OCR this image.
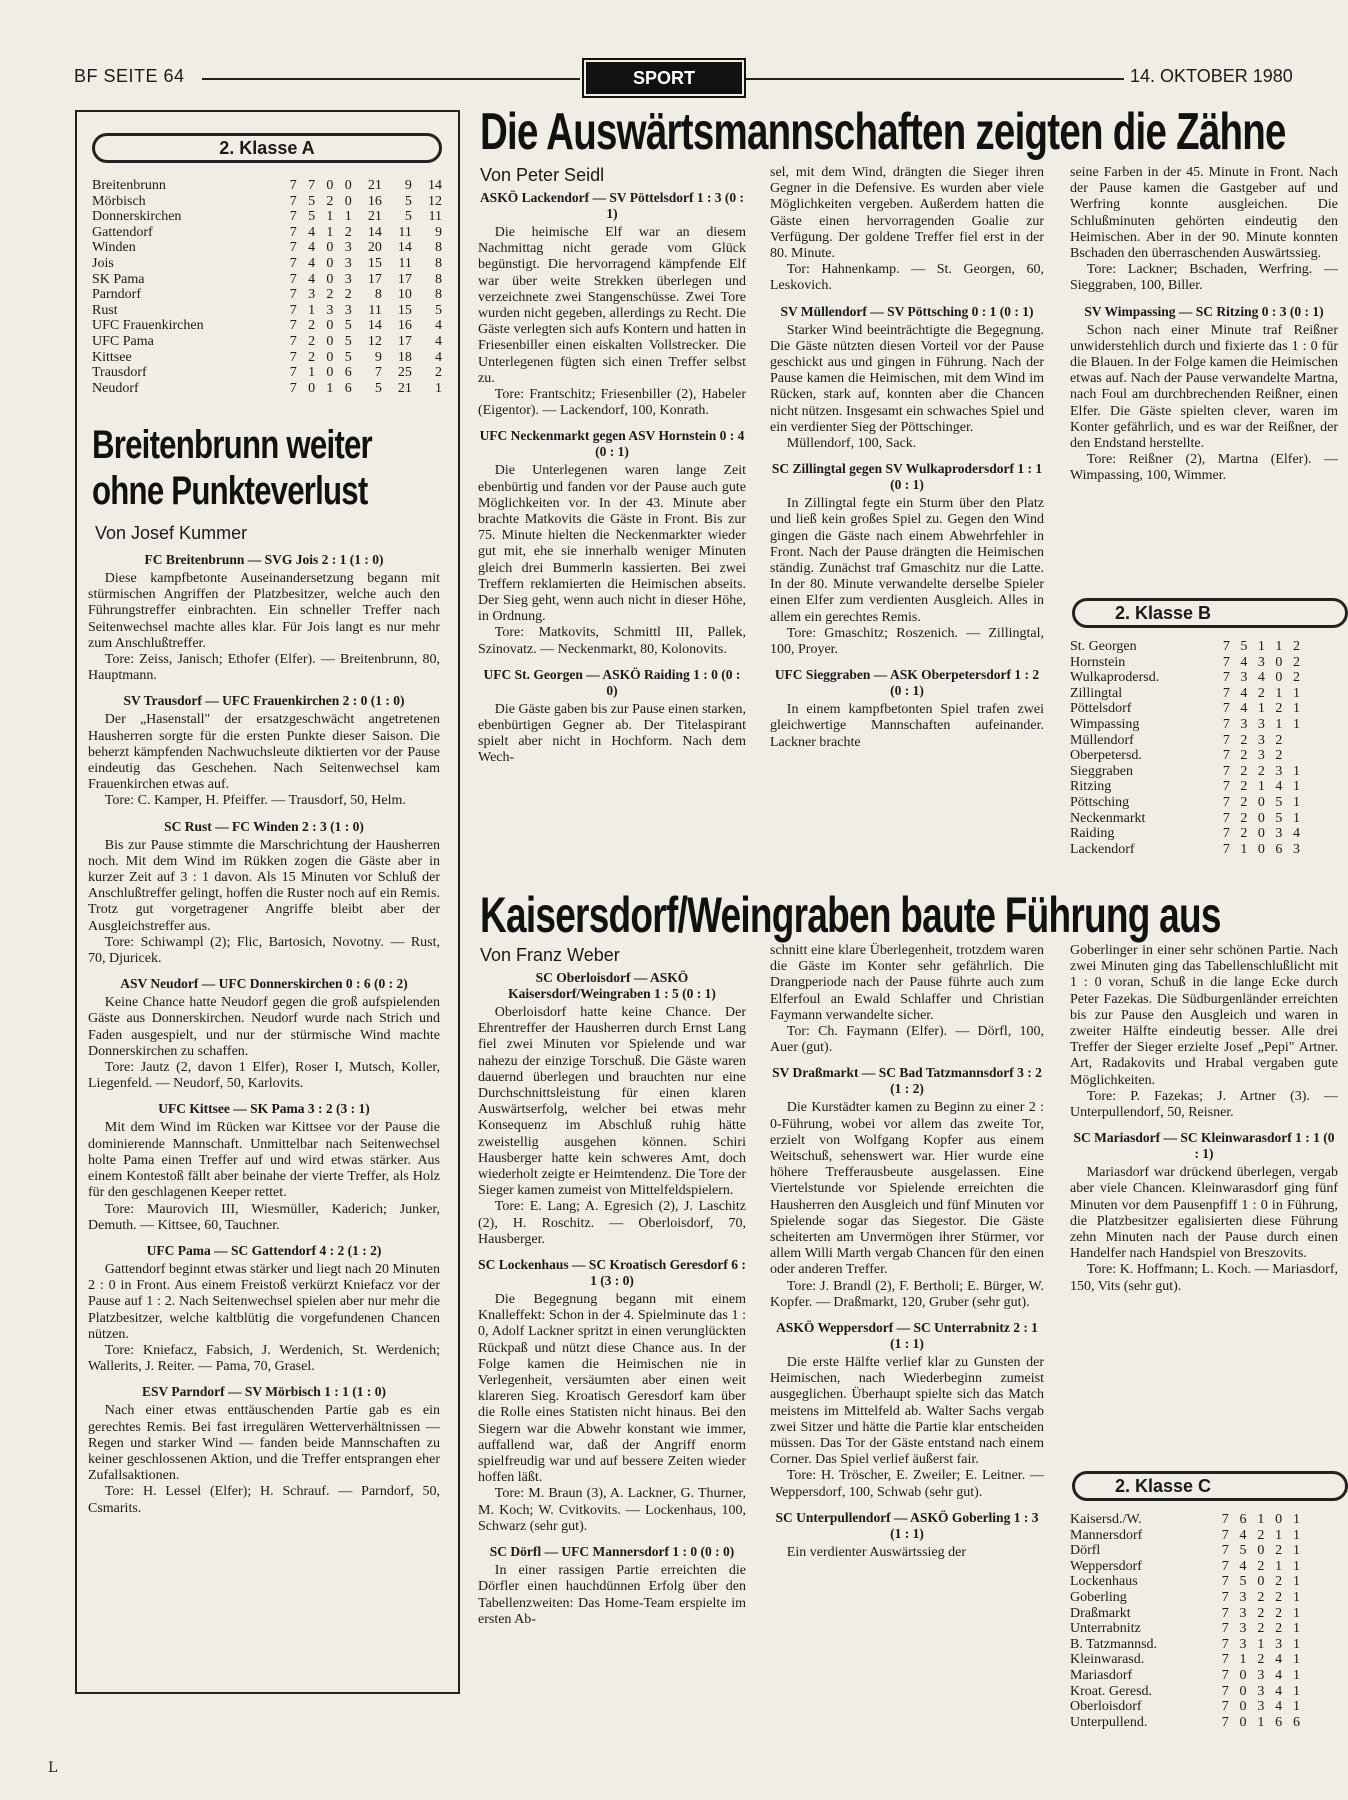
BF SEITE 64	SPORT	14. OKTOBER 1980
2. Klasse A
Breitenbrunn	7	7	0	0	21	9	14
Mörbisch	7	5	2	0	16	5	12
Donnerskirchen	7	5	1	1	21	5	11
Gattendorf	7	4	1	2	14	11	9
Winden	7	4	0	3	20	14	8
Jois	7	4	0	3	15	11	8
SK Pama	7	4	0	3	17	17	8
Parndorf	7	3	2	2	8	10	8
Rust	7	1	3	3	11	15	5
UFC Frauenkirchen	7	2	0	5	14	16	4
UFC Pama	7	2	0	5	12	17	4
Kittsee	7	2	0	5	9	18	4
Trausdorf	7	1	0	6	7	25	2
Neudorf	7	0	1	6	5	21	1
Breitenbrunn weiter
ohne Punkteverlust
Von Josef Kummer
FC Breitenbrunn — SVG Jois 2 : 1 (1 : 0)

Diese kampfbetonte Auseinandersetzung begann mit stürmischen Angriffen der Platzbesitzer, welche auch den Führungstreffer einbrachten. Ein schneller Treffer nach Seitenwechsel machte alles klar. Für Jois langt es nur mehr zum Anschlußtreffer.

Tore: Zeiss, Janisch; Ethofer (Elfer). — Breitenbrunn, 80, Hauptmann.

SV Trausdorf — UFC Frauenkirchen 2 : 0 (1 : 0)

Der „Hasenstall" der ersatzgeschwächt angetretenen Hausherren sorgte für die ersten Punkte dieser Saison. Die beherzt kämpfenden Nachwuchsleute diktierten vor der Pause eindeutig das Geschehen. Nach Seitenwechsel kam Frauenkirchen etwas auf.

Tore: C. Kamper, H. Pfeiffer. — Trausdorf, 50, Helm.

SC Rust — FC Winden 2 : 3 (1 : 0)

Bis zur Pause stimmte die Marschrichtung der Hausherren noch. Mit dem Wind im Rükken zogen die Gäste aber in kurzer Zeit auf 3 : 1 davon. Als 15 Minuten vor Schluß der Anschlußtreffer gelingt, hoffen die Ruster noch auf ein Remis. Trotz gut vorgetragener Angriffe bleibt aber der Ausgleichstreffer aus.

Tore: Schiwampl (2); Flic, Bartosich, Novotny. — Rust, 70, Djuricek.

ASV Neudorf — UFC Donnerskirchen 0 : 6 (0 : 2)

Keine Chance hatte Neudorf gegen die groß aufspielenden Gäste aus Donnerskirchen. Neudorf wurde nach Strich und Faden ausgespielt, und nur der stürmische Wind machte Donnerskirchen zu schaffen.

Tore: Jautz (2, davon 1 Elfer), Roser I, Mutsch, Koller, Liegenfeld. — Neudorf, 50, Karlovits.

UFC Kittsee — SK Pama 3 : 2 (3 : 1)

Mit dem Wind im Rücken war Kittsee vor der Pause die dominierende Mannschaft. Unmittelbar nach Seitenwechsel holte Pama einen Treffer auf und wird etwas stärker. Aus einem Kontestoß fällt aber beinahe der vierte Treffer, als Holz für den geschlagenen Keeper rettet.

Tore: Maurovich III, Wiesmüller, Kaderich; Junker, Demuth. — Kittsee, 60, Tauchner.

UFC Pama — SC Gattendorf 4 : 2 (1 : 2)

Gattendorf beginnt etwas stärker und liegt nach 20 Minuten 2 : 0 in Front. Aus einem Freistoß verkürzt Kniefacz vor der Pause auf 1 : 2. Nach Seitenwechsel spielen aber nur mehr die Platzbesitzer, welche kaltblütig die vorgefundenen Chancen nützen.

Tore: Kniefacz, Fabsich, J. Werdenich, St. Werdenich; Wallerits, J. Reiter. — Pama, 70, Grasel.

ESV Parndorf — SV Mörbisch 1 : 1 (1 : 0)

Nach einer etwas enttäuschenden Partie gab es ein gerechtes Remis. Bei fast irregulären Wetterverhältnissen — Regen und starker Wind — fanden beide Mannschaften zu keiner geschlossenen Aktion, und die Treffer entsprangen eher Zufallsaktionen.

Tore: H. Lessel (Elfer); H. Schrauf. — Parndorf, 50, Csmarits.

Die Auswärtsmannschaften zeigten die Zähne
Von Peter Seidl
ASKÖ Lackendorf — SV Pöttelsdorf 1 : 3 (0 : 1)

Die heimische Elf war an diesem Nachmittag nicht gerade vom Glück begünstigt. Die hervorragend kämpfende Elf war über weite Strekken überlegen und verzeichnete zwei Stangenschüsse. Zwei Tore wurden nicht gegeben, allerdings zu Recht. Die Gäste verlegten sich aufs Kontern und hatten in Friesenbiller einen eiskalten Vollstrecker. Die Unterlegenen fügten sich einen Treffer selbst zu.

Tore: Frantschitz; Friesenbiller (2), Habeler (Eigentor). — Lackendorf, 100, Konrath.

UFC Neckenmarkt gegen ASV Hornstein 0 : 4 (0 : 1)

Die Unterlegenen waren lange Zeit ebenbürtig und fanden vor der Pause auch gute Möglichkeiten vor. In der 43. Minute aber brachte Matkovits die Gäste in Front. Bis zur 75. Minute hielten die Neckenmarkter wieder gut mit, ehe sie innerhalb weniger Minuten gleich drei Bummerln kassierten. Bei zwei Treffern reklamierten die Heimischen abseits. Der Sieg geht, wenn auch nicht in dieser Höhe, in Ordnung.

Tore: Matkovits, Schmittl III, Pallek, Szinovatz. — Neckenmarkt, 80, Kolonovits.

UFC St. Georgen — ASKÖ Raiding 1 : 0 (0 : 0)

Die Gäste gaben bis zur Pause einen starken, ebenbürtigen Gegner ab. Der Titelaspirant spielt aber nicht in Hochform. Nach dem Wech-

sel, mit dem Wind, drängten die Sieger ihren Gegner in die Defensive. Es wurden aber viele Möglichkeiten vergeben. Außerdem hatten die Gäste einen hervorragenden Goalie zur Verfügung. Der goldene Treffer fiel erst in der 80. Minute.

Tor: Hahnenkamp. — St. Georgen, 60, Leskovich.

SV Müllendorf — SV Pöttsching 0 : 1 (0 : 1)

Starker Wind beeinträchtigte die Begegnung. Die Gäste nützten diesen Vorteil vor der Pause geschickt aus und gingen in Führung. Nach der Pause kamen die Heimischen, mit dem Wind im Rücken, stark auf, konnten aber die Chancen nicht nützen. Insgesamt ein schwaches Spiel und ein verdienter Sieg der Pöttschinger.

Müllendorf, 100, Sack.

SC Zillingtal gegen SV Wulkaprodersdorf 1 : 1 (0 : 1)

In Zillingtal fegte ein Sturm über den Platz und ließ kein großes Spiel zu. Gegen den Wind gingen die Gäste nach einem Abwehrfehler in Front. Nach der Pause drängten die Heimischen ständig. Zunächst traf Gmaschitz nur die Latte. In der 80. Minute verwandelte derselbe Spieler einen Elfer zum verdienten Ausgleich. Alles in allem ein gerechtes Remis.

Tore: Gmaschitz; Roszenich. — Zillingtal, 100, Proyer.

UFC Sieggraben — ASK Oberpetersdorf 1 : 2 (0 : 1)

In einem kampfbetonten Spiel trafen zwei gleichwertige Mannschaften aufeinander. Lackner brachte

seine Farben in der 45. Minute in Front. Nach der Pause kamen die Gastgeber auf und Werfring konnte ausgleichen. Die Schlußminuten gehörten eindeutig den Heimischen. Aber in der 90. Minute konnten Bschaden den überraschenden Auswärtssieg.

Tore: Lackner; Bschaden, Werfring. — Sieggraben, 100, Biller.

SV Wimpassing — SC Ritzing 0 : 3 (0 : 1)

Schon nach einer Minute traf Reißner unwiderstehlich durch und fixierte das 1 : 0 für die Blauen. In der Folge kamen die Heimischen etwas auf. Nach der Pause verwandelte Martna, nach Foul am durchbrechenden Reißner, einen Elfer. Die Gäste spielten clever, waren im Konter gefährlich, und es war der Reißner, der den Endstand herstellte.

Tore: Reißner (2), Martna (Elfer). — Wimpassing, 100, Wimmer.

2. Klasse B
St. Georgen	7	5	1	1	2
Hornstein	7	4	3	0	2
Wulkaprodersd.	7	3	4	0	2
Zillingtal	7	4	2	1	1
Pöttelsdorf	7	4	1	2	1
Wimpassing	7	3	3	1	1
Müllendorf	7	2	3	2	
Oberpetersd.	7	2	3	2	
Sieggraben	7	2	2	3	1
Ritzing	7	2	1	4	1
Pöttsching	7	2	0	5	1
Neckenmarkt	7	2	0	5	1
Raiding	7	2	0	3	4
Lackendorf	7	1	0	6	3
Kaisersdorf/Weingraben baute Führung aus
Von Franz Weber
SC Oberloisdorf — ASKÖ Kaisersdorf/Weingraben 1 : 5 (0 : 1)

Oberloisdorf hatte keine Chance. Der Ehrentreffer der Hausherren durch Ernst Lang fiel zwei Minuten vor Spielende und war nahezu der einzige Torschuß. Die Gäste waren dauernd überlegen und brauchten nur eine Durchschnittsleistung für einen klaren Auswärtserfolg, welcher bei etwas mehr Konsequenz im Abschluß ruhig hätte zweistellig ausgehen können. Schiri Hausberger hatte kein schweres Amt, doch wiederholt zeigte er Heimtendenz. Die Tore der Sieger kamen zumeist von Mittelfeldspielern.

Tore: E. Lang; A. Egresich (2), J. Laschitz (2), H. Roschitz. — Oberloisdorf, 70, Hausberger.

SC Lockenhaus — SC Kroatisch Geresdorf 6 : 1 (3 : 0)

Die Begegnung begann mit einem Knalleffekt: Schon in der 4. Spielminute das 1 : 0, Adolf Lackner spritzt in einen verunglückten Rückpaß und nützt diese Chance aus. In der Folge kamen die Heimischen nie in Verlegenheit, versäumten aber einen weit klareren Sieg. Kroatisch Geresdorf kam über die Rolle eines Statisten nicht hinaus. Bei den Siegern war die Abwehr konstant wie immer, auffallend war, daß der Angriff enorm spielfreudig war und auf bessere Zeiten wieder hoffen läßt.

Tore: M. Braun (3), A. Lackner, G. Thurner, M. Koch; W. Cvitkovits. — Lockenhaus, 100, Schwarz (sehr gut).

SC Dörfl — UFC Mannersdorf 1 : 0 (0 : 0)

In einer rassigen Partie erreichten die Dörfler einen hauchdünnen Erfolg über den Tabellenzweiten: Das Home-Team erspielte im ersten Ab-

schnitt eine klare Überlegenheit, trotzdem waren die Gäste im Konter sehr gefährlich. Die Drangperiode nach der Pause führte auch zum Elferfoul an Ewald Schlaffer und Christian Faymann verwandelte sicher.

Tor: Ch. Faymann (Elfer). — Dörfl, 100, Auer (gut).

SV Draßmarkt — SC Bad Tatzmannsdorf 3 : 2 (1 : 2)

Die Kurstädter kamen zu Beginn zu einer 2 : 0-Führung, wobei vor allem das zweite Tor, erzielt von Wolfgang Kopfer aus einem Weitschuß, sehenswert war. Hier wurde eine höhere Trefferausbeute ausgelassen. Eine Viertelstunde vor Spielende erreichten die Hausherren den Ausgleich und fünf Minuten vor Spielende sogar das Siegestor. Die Gäste scheiterten am Unvermögen ihrer Stürmer, vor allem Willi Marth vergab Chancen für den einen oder anderen Treffer.

Tore: J. Brandl (2), F. Bertholi; E. Bürger, W. Kopfer. — Draßmarkt, 120, Gruber (sehr gut).

ASKÖ Weppersdorf — SC Unterrabnitz 2 : 1 (1 : 1)

Die erste Hälfte verlief klar zu Gunsten der Heimischen, nach Wiederbeginn zumeist ausgeglichen. Überhaupt spielte sich das Match meistens im Mittelfeld ab. Walter Sachs vergab zwei Sitzer und hätte die Partie klar entscheiden müssen. Das Tor der Gäste entstand nach einem Corner. Das Spiel verlief äußerst fair.

Tore: H. Tröscher, E. Zweiler; E. Leitner. — Weppersdorf, 100, Schwab (sehr gut).

SC Unterpullendorf — ASKÖ Goberling 1 : 3 (1 : 1)

Ein verdienter Auswärtssieg der

Goberlinger in einer sehr schönen Partie. Nach zwei Minuten ging das Tabellenschlußlicht mit 1 : 0 voran, Schuß in die lange Ecke durch Peter Fazekas. Die Südburgenländer erreichten bis zur Pause den Ausgleich und waren in zweiter Hälfte eindeutig besser. Alle drei Treffer der Sieger erzielte Josef „Pepi" Artner. Art, Radakovits und Hrabal vergaben gute Möglichkeiten.

Tore: P. Fazekas; J. Artner (3). — Unterpullendorf, 50, Reisner.

SC Mariasdorf — SC Kleinwarasdorf 1 : 1 (0 : 1)

Mariasdorf war drückend überlegen, vergab aber viele Chancen. Kleinwarasdorf ging fünf Minuten vor dem Pausenpfiff 1 : 0 in Führung, die Platzbesitzer egalisierten diese Führung zehn Minuten nach der Pause durch einen Handelfer nach Handspiel von Breszovits.

Tore: K. Hoffmann; L. Koch. — Mariasdorf, 150, Vits (sehr gut).

2. Klasse C
Kaisersd./W.	7	6	1	0	1
Mannersdorf	7	4	2	1	1
Dörfl	7	5	0	2	1
Weppersdorf	7	4	2	1	1
Lockenhaus	7	5	0	2	1
Goberling	7	3	2	2	1
Draßmarkt	7	3	2	2	1
Unterrabnitz	7	3	2	2	1
B. Tatzmannsd.	7	3	1	3	1
Kleinwarasd.	7	1	2	4	1
Mariasdorf	7	0	3	4	1
Kroat. Geresd.	7	0	3	4	1
Oberloisdorf	7	0	3	4	1
Unterpullend.	7	0	1	6	6
L
